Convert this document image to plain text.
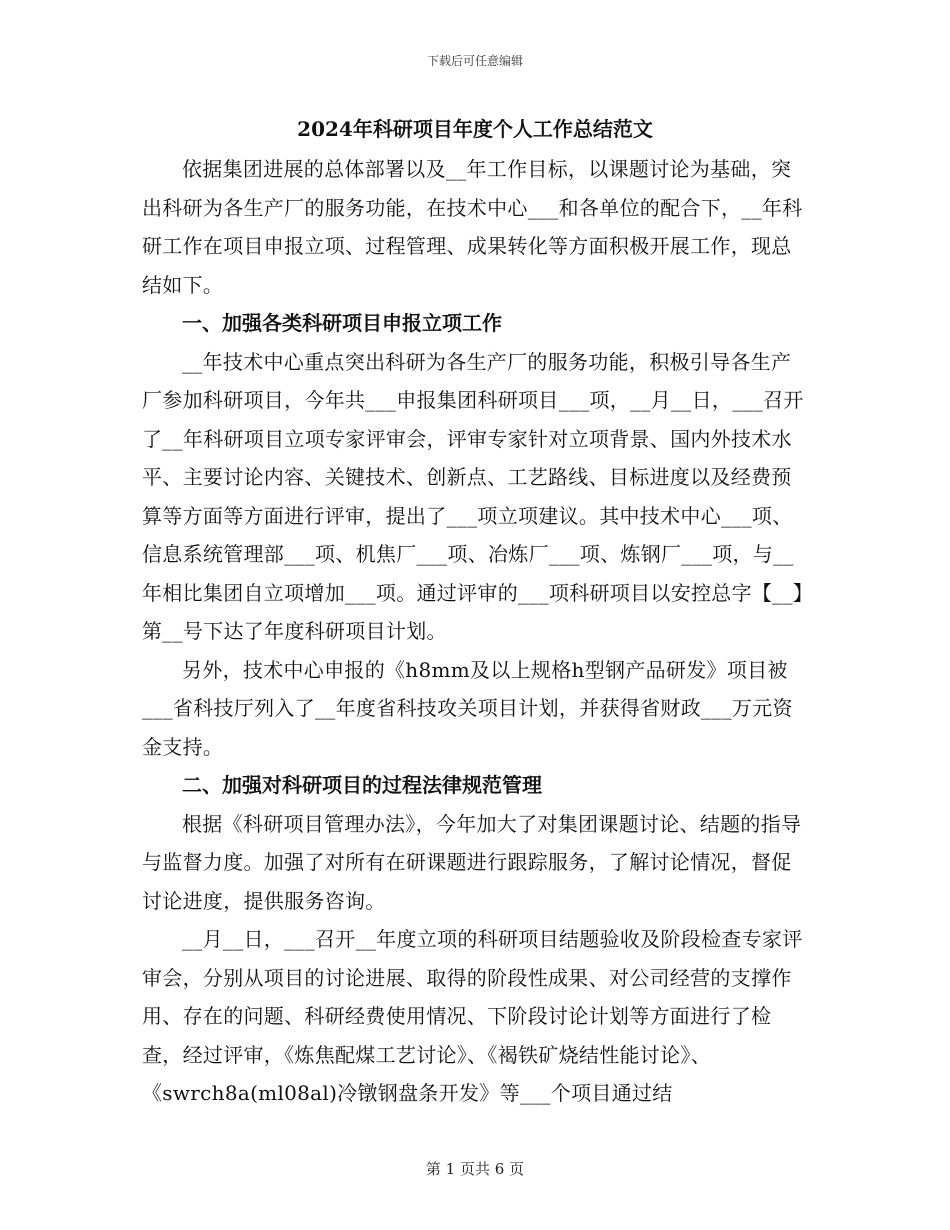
下载后可任意编辑
2024年科研项目年度个人工作总结范文

依据集团进展的总体部署以及__年工作目标，以课题讨论为基础，突出科研为各生产厂的服务功能，在技术中心___和各单位的配合下，__年科研工作在项目申报立项、过程管理、成果转化等方面积极开展工作，现总结如下。

一、加强各类科研项目申报立项工作

__年技术中心重点突出科研为各生产厂的服务功能，积极引导各生产厂参加科研项目，今年共___申报集团科研项目___项，__月__日，___召开了__年科研项目立项专家评审会，评审专家针对立项背景、国内外技术水平、主要讨论内容、关键技术、创新点、工艺路线、目标进度以及经费预算等方面等方面进行评审，提出了___项立项建议。其中技术中心___项、信息系统管理部___项、机焦厂___项、冶炼厂___项、炼钢厂___项，与__年相比集团自立项增加___项。通过评审的___项科研项目以安控总字【__】第__号下达了年度科研项目计划。

另外，技术中心申报的《h8mm及以上规格h型钢产品研发》项目被___省科技厅列入了__年度省科技攻关项目计划，并获得省财政___万元资金支持。

二、加强对科研项目的过程法律规范管理

根据《科研项目管理办法》，今年加大了对集团课题讨论、结题的指导与监督力度。加强了对所有在研课题进行跟踪服务，了解讨论情况，督促讨论进度，提供服务咨询。

__月__日，___召开__年度立项的科研项目结题验收及阶段检查专家评审会，分别从项目的讨论进展、取得的阶段性成果、对公司经营的支撑作用、存在的问题、科研经费使用情况、下阶段讨论计划等方面进行了检查，经过评审，《炼焦配煤工艺讨论》、《褐铁矿烧结性能讨论》、《swrch8a(ml08al)冷镦钢盘条开发》等___个项目通过结

第 1 页共 6 页
